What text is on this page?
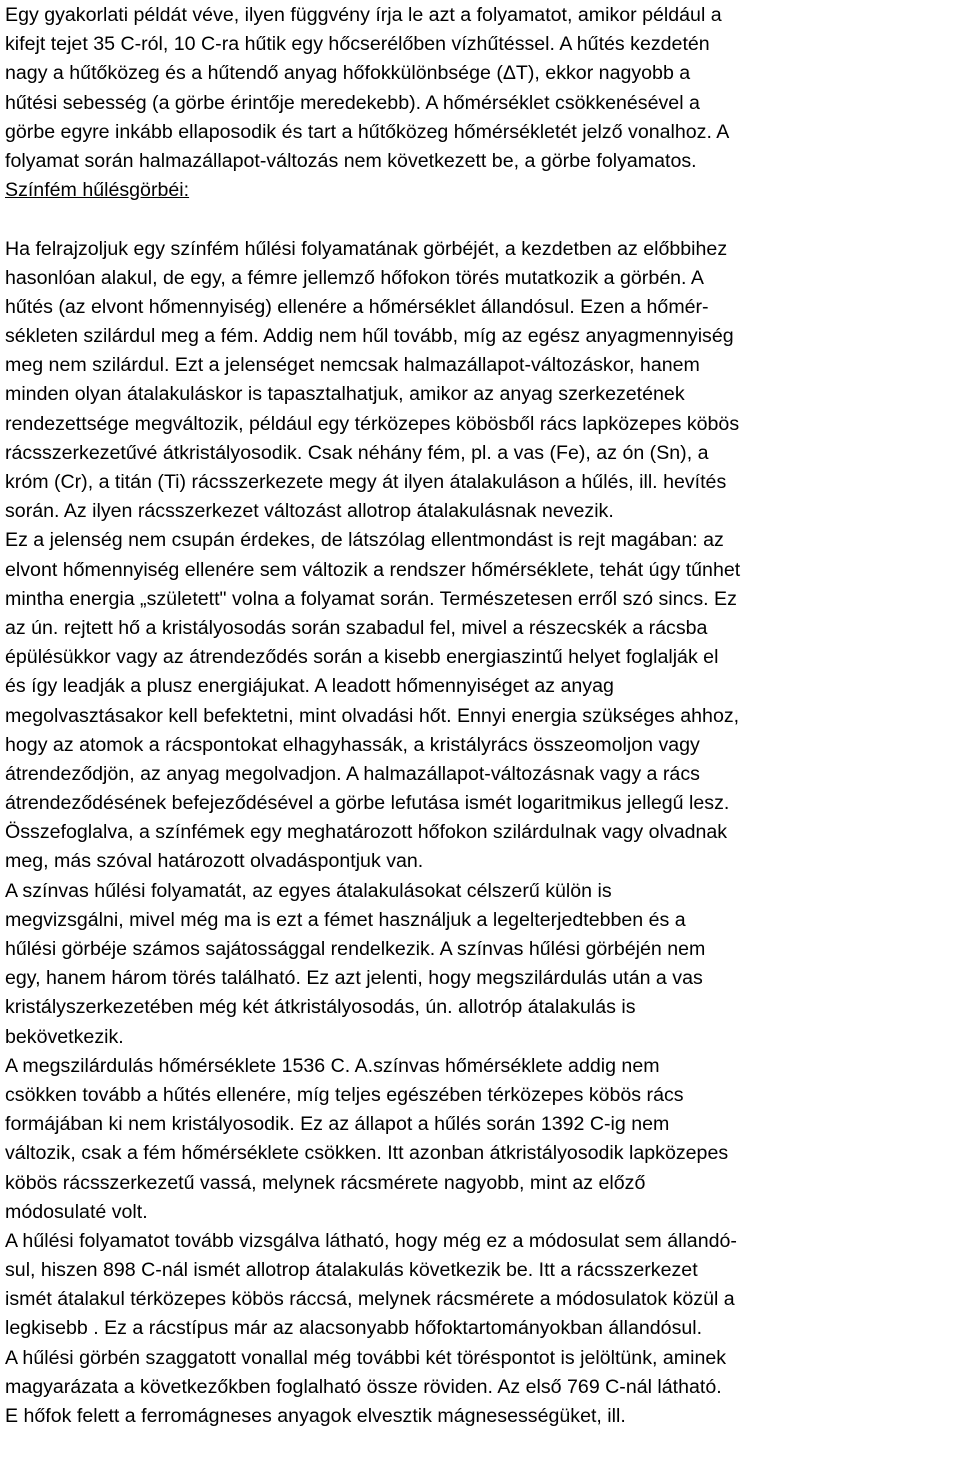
Egy gyakorlati példát véve, ilyen függvény írja le azt a folyamatot, amikor például a
kifejt tejet 35 C-ról, 10 C-ra hűtik egy hőcserélőben vízhűtéssel. A hűtés kezdetén
nagy a hűtőközeg és a hűtendő anyag hőfokkülönbsége (ΔT), ekkor nagyobb a
hűtési sebesség (a görbe érintője meredekebb). A hőmérséklet csökkenésével a
görbe egyre inkább ellaposodik és tart a hűtőközeg hőmérsékletét jelző vonalhoz. A
folyamat során halmazállapot-változás nem következett be, a görbe folyamatos.
Színfém hűlésgörbéi:
Ha felrajzoljuk egy színfém hűlési folyamatának görbéjét, a kezdetben az előbbihez
hasonlóan alakul, de egy, a fémre jellemző hőfokon törés mutatkozik a görbén. A
hűtés (az elvont hőmennyiség) ellenére a hőmérséklet állandósul. Ezen a hőmér-
sékleten szilárdul meg a fém. Addig nem hűl tovább, míg az egész anyagmennyiség
meg nem szilárdul. Ezt a jelenséget nemcsak halmazállapot-változáskor, hanem
minden olyan átalakuláskor is tapasztalhatjuk, amikor az anyag szerkezetének
rendezettsége megváltozik, például egy térközepes köbösből rács lapközepes köbös
rácsszerkezetűvé átkristályosodik. Csak néhány fém, pl. a vas (Fe), az ón (Sn), a
króm (Cr), a titán (Ti) rácsszerkezete megy át ilyen átalakuláson a hűlés, ill. hevítés
során. Az ilyen rácsszerkezet változást allotrop átalakulásnak nevezik.
Ez a jelenség nem csupán érdekes, de látszólag ellentmondást is rejt magában: az
elvont hőmennyiség ellenére sem változik a rendszer hőmérséklete, tehát úgy tűnhet
mintha energia „született" volna a folyamat során. Természetesen erről szó sincs. Ez
az ún. rejtett hő a kristályosodás során szabadul fel, mivel a részecskék a rácsba
épülésükkor vagy az átrendeződés során a kisebb energiaszintű helyet foglalják el
és így leadják a plusz energiájukat. A leadott hőmennyiséget az anyag
megolvasztásakor kell befektetni, mint olvadási hőt. Ennyi energia szükséges ahhoz,
hogy az atomok a rácspontokat elhagyhassák, a kristályrács összeomoljon vagy
átrendeződjön, az anyag megolvadjon. A halmazállapot-változásnak vagy a rács
átrendeződésének befejeződésével a görbe lefutása ismét logaritmikus jellegű lesz.
Összefoglalva, a színfémek egy meghatározott hőfokon szilárdulnak vagy olvadnak
meg, más szóval határozott olvadáspontjuk van.
A színvas hűlési folyamatát, az egyes átalakulásokat célszerű külön is
megvizsgálni, mivel még ma is ezt a fémet használjuk a legelterjedtebben és a
hűlési görbéje számos sajátossággal rendelkezik. A színvas hűlési görbéjén nem
egy, hanem három törés található. Ez azt jelenti, hogy megszilárdulás után a vas
kristályszerkezetében még két átkristályosodás, ún. allotróp átalakulás is
bekövetkezik.
A megszilárdulás hőmérséklete 1536 C. A.színvas hőmérséklete addig nem
csökken tovább a hűtés ellenére, míg teljes egészében térközepes köbös rács
formájában ki nem kristályosodik. Ez az állapot a hűlés során 1392 C-ig nem
változik, csak a fém hőmérséklete csökken. Itt azonban átkristályosodik lapközepes
köbös rácsszerkezetű vassá, melynek rácsmérete nagyobb, mint az előző
módosulaté volt.
A hűlési folyamatot tovább vizsgálva látható, hogy még ez a módosulat sem állandó-
sul, hiszen 898 C-nál ismét allotrop átalakulás következik be. Itt a rácsszerkezet
ismét átalakul térközepes köbös ráccsá, melynek rácsmérete a módosulatok közül a
legkisebb . Ez a rácstípus már az alacsonyabb hőfoktartományokban állandósul.
A hűlési görbén szaggatott vonallal még további két töréspontot is jelöltünk, aminek
magyarázata a következőkben foglalható össze röviden. Az első 769 C-nál látható.
E hőfok felett a ferromágneses anyagok elvesztik mágnesességüket, ill.
